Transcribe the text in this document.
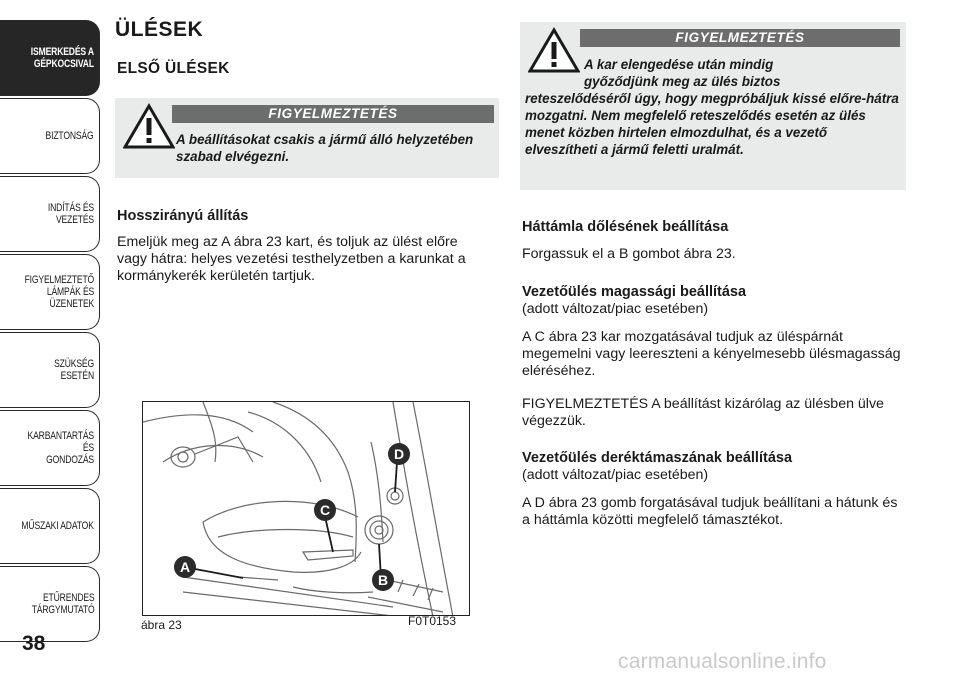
ISMERKEDÉS A
GÉPKOCSIVAL
BIZTONSÁG
INDÍTÁS ÉS VEZETÉS
FIGYELMEZTETŐ
LÁMPÁK ÉS
ÜZENETEK
SZÜKSÉG ESETÉN
KARBANTARTÁS ÉS
GONDOZÁS
MŰSZAKI ADATOK
ETŰRENDES
TÁRGYMUTATÓ
38
ÜLÉSEK
ELSŐ ÜLÉSEK
FIGYELMEZTETÉS
A beállításokat csakis a jármű álló helyzetében szabad elvégezni.
Hosszirányú állítás

Emeljük meg az A ábra 23 kart, és toljuk az ülést előre vagy hátra: helyes vezetési testhelyzetben a karunkat a kormánykerék kerületén tartjuk.

D
C
B
A
ábra 23	F0T0153
FIGYELMEZTETÉS
A kar elengedése után mindig
győződjünk meg az ülés biztos
reteszelődéséről úgy, hogy megpróbáljuk kissé előre-hátra mozgatni. Nem megfelelő reteszelődés esetén az ülés menet közben hirtelen elmozdulhat, és a vezető elveszítheti a jármű feletti uralmát.
Háttámla dőlésének beállítása

Forgassuk el a B gombot ábra 23.

Vezetőülés magassági beállítása

(adott változat/piac esetében)

A C ábra 23 kar mozgatásával tudjuk az üléspárnát megemelni vagy leereszteni a kényelmesebb ülésmagasság eléréséhez.

FIGYELMEZTETÉS A beállítást kizárólag az ülésben ülve végezzük.

Vezetőülés deréktámaszának beállítása

(adott változat/piac esetében)

A D ábra 23 gomb forgatásával tudjuk beállítani a hátunk és a háttámla közötti megfelelő támasztékot.

carmanualsonline.info
